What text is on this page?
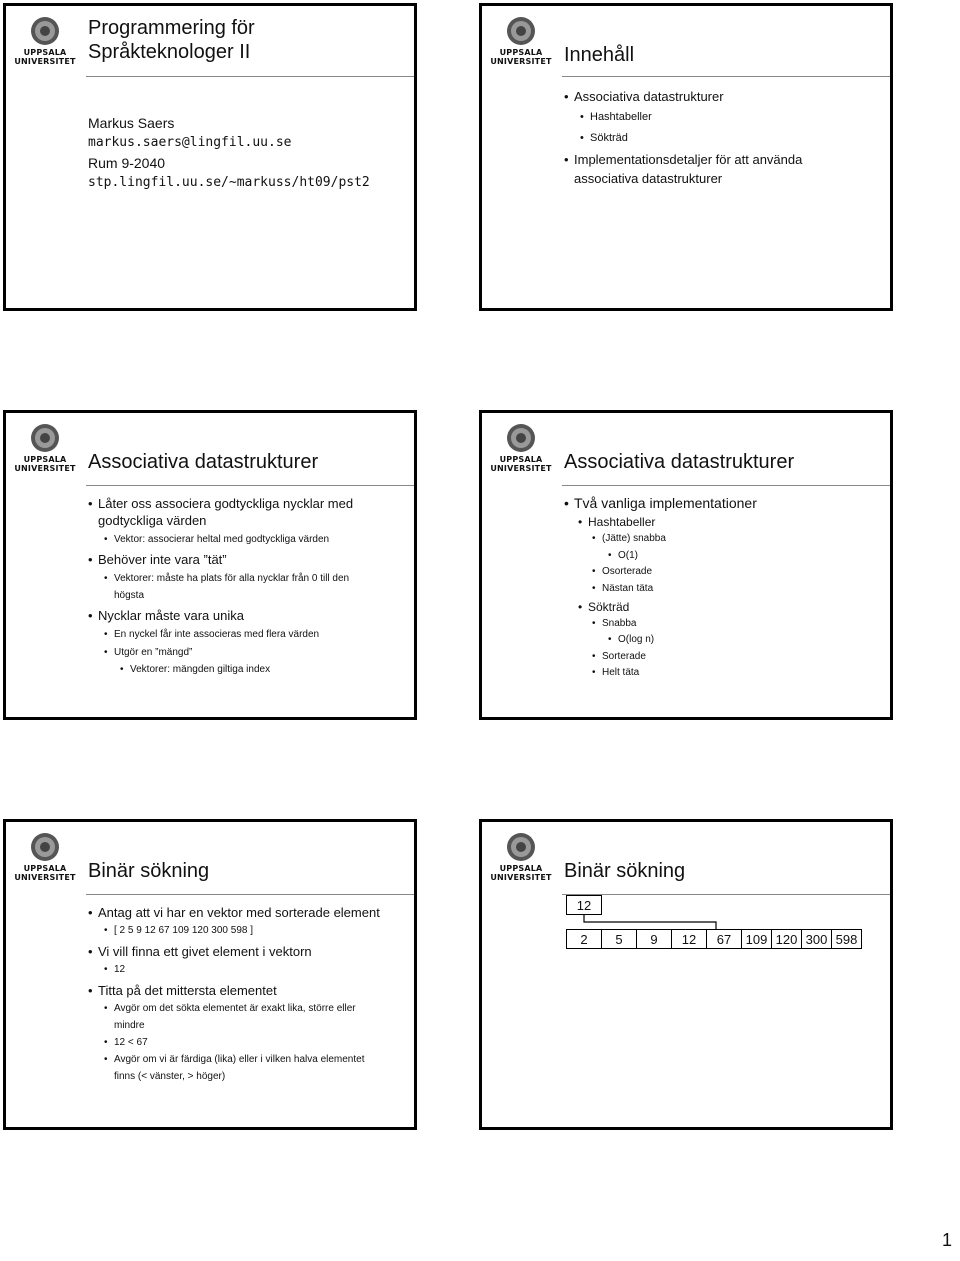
UPPSALA
UNIVERSITET
Programmering för
Språkteknologer II
Markus Saers
markus.saers@lingfil.uu.se
Rum 9-2040
stp.lingfil.uu.se/~markuss/ht09/pst2
UPPSALA
UNIVERSITET Innehåll
• Associativa datastrukturer
• Hashtabeller
• Sökträd
• Implementationsdetaljer för att använda
associativa datastrukturer
UPPSALA
UNIVERSITET Associativa datastrukturer
• Låter oss associera godtyckliga nycklar med
godtyckliga värden
• Vektor: associerar heltal med godtyckliga värden
• Behöver inte vara ”tät”
• Vektorer: måste ha plats för alla nycklar från 0 till den
högsta
• Nycklar måste vara unika
• En nyckel får inte associeras med flera värden
• Utgör en ”mängd”
• Vektorer: mängden giltiga index
UPPSALA
UNIVERSITET Associativa datastrukturer
• Två vanliga implementationer
• Hashtabeller
• (Jätte) snabba
• O(1)
• Osorterade
• Nästan täta
• Sökträd
• Snabba
• O(log n)
• Sorterade
• Helt täta
UPPSALA
UNIVERSITET Binär sökning
• Antag att vi har en vektor med sorterade element
• [ 2 5 9 12 67 109 120 300 598 ]
• Vi vill finna ett givet element i vektorn
• 12
• Titta på det mittersta elementet
• Avgör om det sökta elementet är exakt lika, större eller
mindre
• 12 < 67
• Avgör om vi är färdiga (lika) eller i vilken halva elementet
finns (< vänster, > höger)
UPPSALA
UNIVERSITET Binär sökning
12
2 5 9 12 67 109 120 300 598
1
